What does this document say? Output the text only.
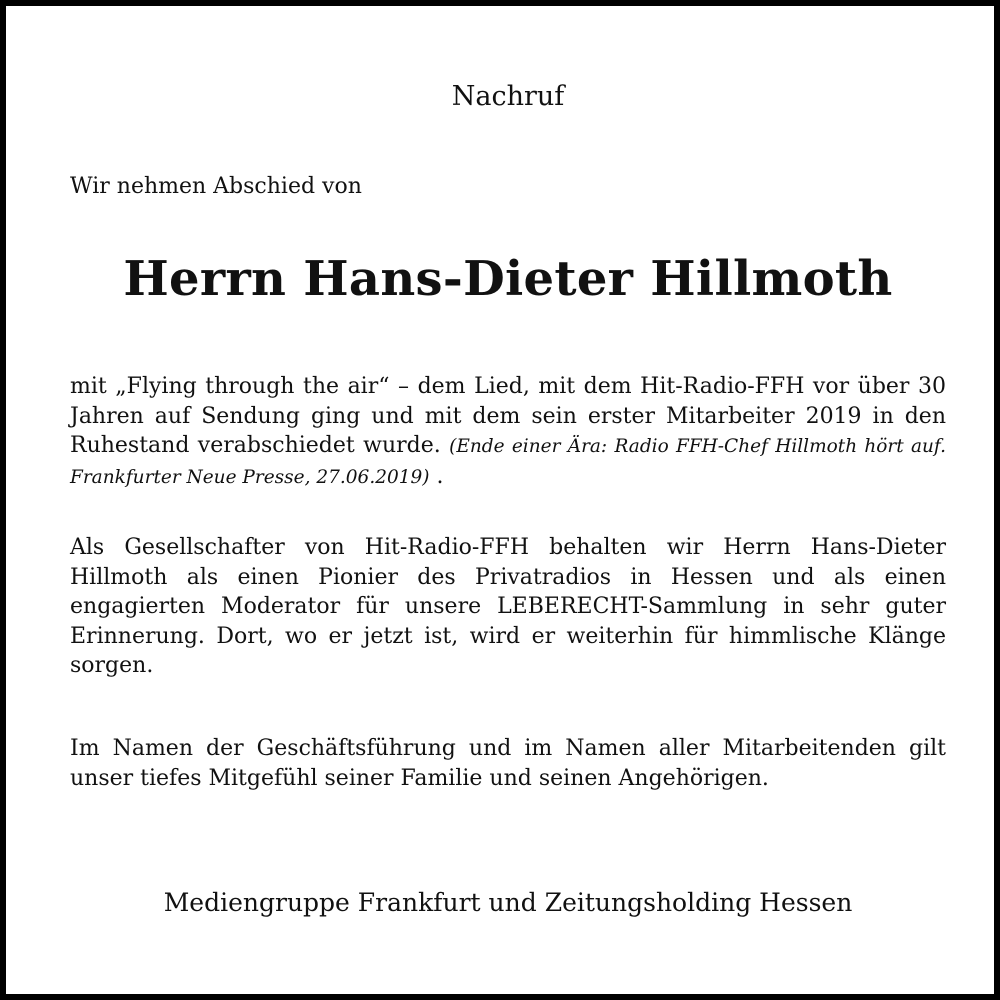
Nachruf
Wir nehmen Abschied von
Herrn Hans-Dieter Hillmoth
mit „Flying through the air“ – dem Lied, mit dem Hit-Radio-FFH vor über 30 Jahren auf Sendung ging und mit dem sein erster Mitarbeiter 2019 in den Ruhestand verabschiedet wurde. (Ende einer Ära: Radio FFH-Chef Hillmoth hört auf. Frankfurter Neue Presse, 27.06.2019) .
Als Gesellschafter von Hit-Radio-FFH behalten wir Herrn Hans-Dieter Hillmoth als einen Pionier des Privatradios in Hessen und als einen engagierten Moderator für unsere LEBERECHT-Sammlung in sehr guter Erinnerung. Dort, wo er jetzt ist, wird er weiterhin für himmlische Klänge sorgen.
Im Namen der Geschäftsführung und im Namen aller Mitarbeitenden gilt unser tiefes Mitgefühl seiner Familie und seinen Angehörigen.
Mediengruppe Frankfurt und Zeitungsholding Hessen
